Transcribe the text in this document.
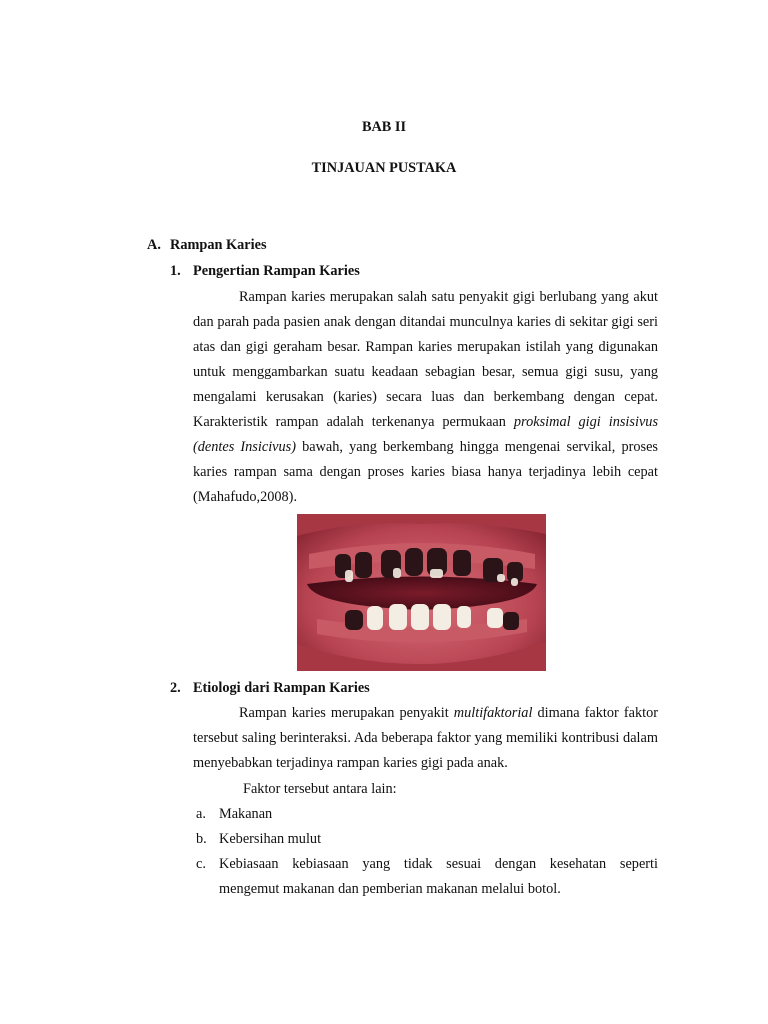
BAB II
TINJAUAN PUSTAKA
A. Rampan Karies
1. Pengertian Rampan Karies

Rampan karies merupakan salah satu penyakit gigi berlubang yang akut dan parah pada pasien anak dengan ditandai munculnya karies di sekitar gigi seri atas dan gigi geraham besar. Rampan karies merupakan istilah yang digunakan untuk menggambarkan suatu keadaan sebagian besar, semua gigi susu, yang mengalami kerusakan (karies) secara luas dan berkembang dengan cepat. Karakteristik rampan adalah terkenanya permukaan proksimal gigi insisivus (dentes Insicivus) bawah, yang berkembang hingga mengenai servikal, proses karies rampan sama dengan proses karies biasa hanya terjadinya lebih cepat (Mahafudo,2008).

2. Etiologi dari Rampan Karies

Rampan karies merupakan penyakit multifaktorial dimana faktor faktor tersebut saling berinteraksi. Ada beberapa faktor yang memiliki kontribusi dalam menyebabkan terjadinya rampan karies gigi pada anak.

Faktor tersebut antara lain:
a. Makanan
b. Kebersihan mulut
c. Kebiasaan kebiasaan yang tidak sesuai dengan kesehatan seperti
mengemut makanan dan pemberian makanan melalui botol.
